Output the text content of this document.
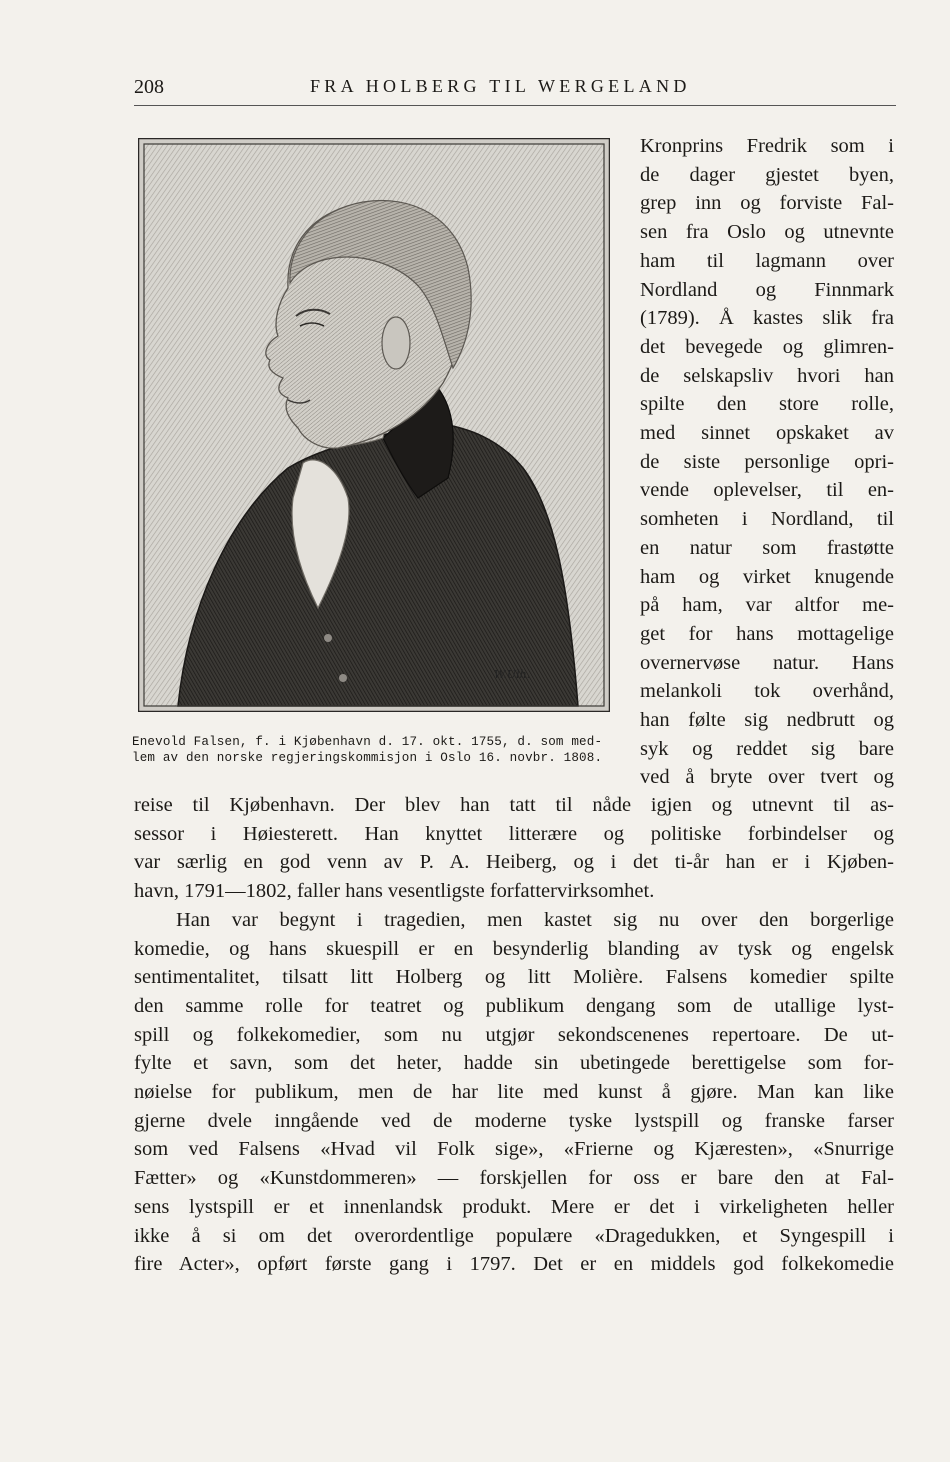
208	FRA HOLBERG TIL WERGELAND
W.Ulh.
Enevold Falsen, f. i Kjøbenhavn d. 17. okt. 1755, d. som med-
lem av den norske regjeringskommisjon i Oslo 16. novbr. 1808.
Kronprins Fredrik som i
de dager gjestet byen,
grep inn og forviste Fal-
sen fra Oslo og utnevnte
ham til lagmann over
Nordland og Finnmark
(1789). Å kastes slik fra
det bevegede og glimren-
de selskapsliv hvori han
spilte den store rolle,
med sinnet opskaket av
de siste personlige opri-
vende oplevelser, til en-
somheten i Nordland, til
en natur som frastøtte
ham og virket knugende
på ham, var altfor me-
get for hans mottagelige
overnervøse natur. Hans
melankoli tok overhånd,
han følte sig nedbrutt og
syk og reddet sig bare
ved å bryte over tvert og
reise til Kjøbenhavn. Der blev han tatt til nåde igjen og utnevnt til as-
sessor i Høiesterett. Han knyttet litterære og politiske forbindelser og
var særlig en god venn av P. A. Heiberg, og i det ti-år han er i Kjøben-
havn, 1791—1802, faller hans vesentligste forfattervirksomhet.
Han var begynt i tragedien, men kastet sig nu over den borgerlige
komedie, og hans skuespill er en besynderlig blanding av tysk og engelsk
sentimentalitet, tilsatt litt Holberg og litt Molière. Falsens komedier spilte
den samme rolle for teatret og publikum dengang som de utallige lyst-
spill og folkekomedier, som nu utgjør sekondscenenes repertoare. De ut-
fylte et savn, som det heter, hadde sin ubetingede berettigelse som for-
nøielse for publikum, men de har lite med kunst å gjøre. Man kan like
gjerne dvele inngående ved de moderne tyske lystspill og franske farser
som ved Falsens «Hvad vil Folk sige», «Frierne og Kjæresten», «Snurrige
Fætter» og «Kunstdommeren» — forskjellen for oss er bare den at Fal-
sens lystspill er et innenlandsk produkt. Mere er det i virkeligheten heller
ikke å si om det overordentlige populære «Dragedukken, et Syngespill i
fire Acter», opført første gang i 1797. Det er en middels god folkekomedie
